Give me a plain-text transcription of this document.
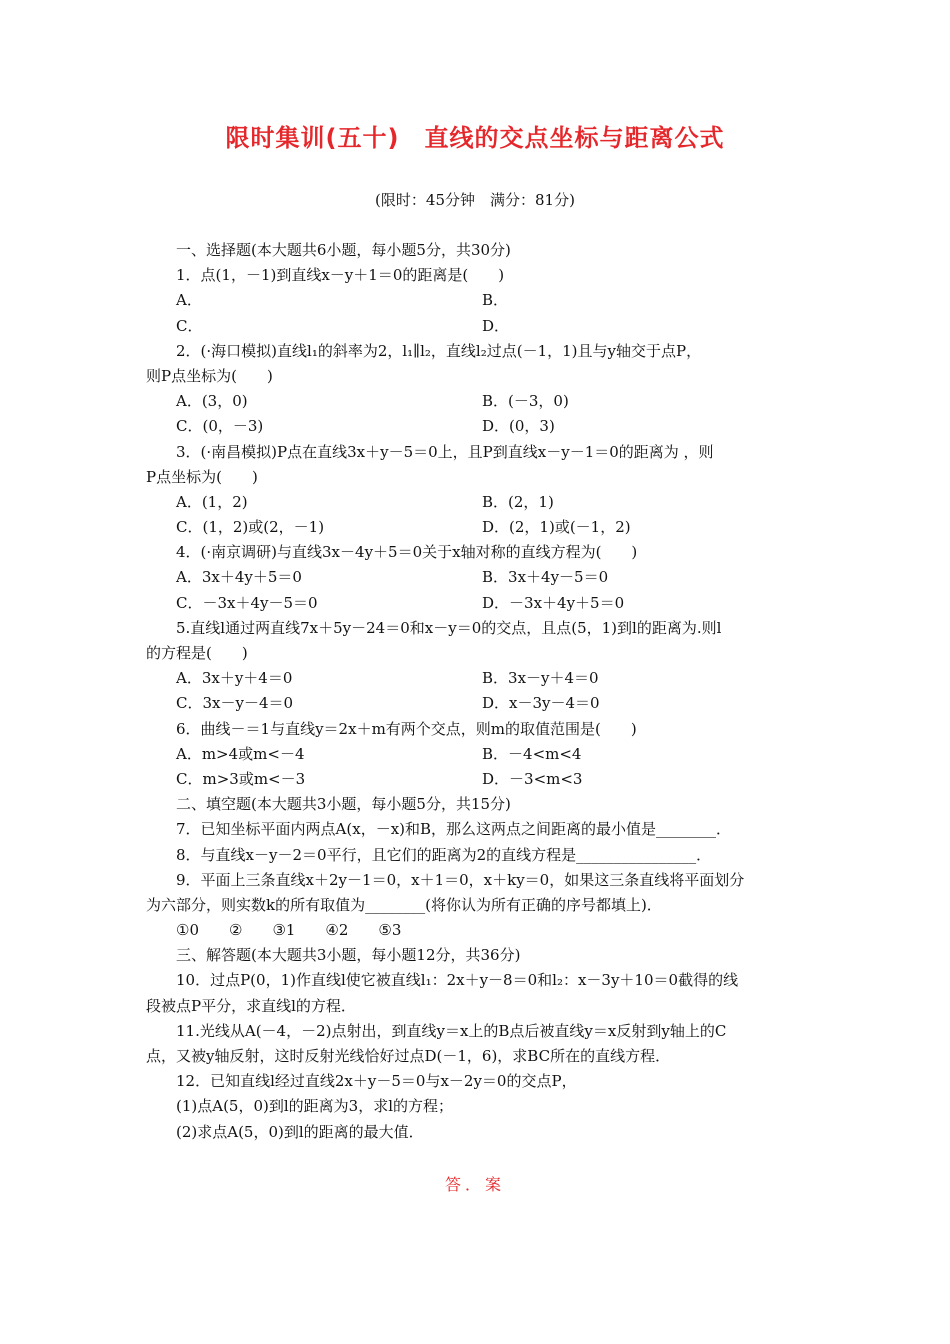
限时集训(五十)　直线的交点坐标与距离公式
(限时：45分钟　满分：81分)
一、选择题(本大题共6小题，每小题5分，共30分)
1．点(1，－1)到直线x－y＋1＝0的距离是(　　)
A．	B．
C．	D．
2．(·海口模拟)直线l₁的斜率为2，l₁∥l₂，直线l₂过点(－1，1)且与y轴交于点P，
则P点坐标为(　　)
A．(3，0)	B．(－3，0)
C．(0，－3)	D．(0，3)
3．(·南昌模拟)P点在直线3x＋y－5＝0上，且P到直线x－y－1＝0的距离为 ，则
P点坐标为(　　)
A．(1，2)	B．(2，1)
C．(1，2)或(2，－1)	D．(2，1)或(－1，2)
4．(·南京调研)与直线3x－4y＋5＝0关于x轴对称的直线方程为(　　)
A．3x＋4y＋5＝0	B．3x＋4y－5＝0
C．－3x＋4y－5＝0	D．－3x＋4y＋5＝0
5.直线l通过两直线7x＋5y－24＝0和x－y＝0的交点，且点(5，1)到l的距离为.则l
的方程是(　　)
A．3x＋y＋4＝0	B．3x－y＋4＝0
C．3x－y－4＝0	D．x－3y－4＝0
6．曲线－＝1与直线y＝2x＋m有两个交点，则m的取值范围是(　　)
A．m>4或m<－4	B．－4<m<4
C．m>3或m<－3	D．－3<m<3
二、填空题(本大题共3小题，每小题5分，共15分)
7．已知坐标平面内两点A(x，－x)和B，那么这两点之间距离的最小值是________．
8．与直线x－y－2＝0平行，且它们的距离为2的直线方程是________________．
9．平面上三条直线x＋2y－1＝0，x＋1＝0，x＋ky＝0，如果这三条直线将平面划分
为六部分，则实数k的所有取值为________(将你认为所有正确的序号都填上)．
①0　　②　　③1　　④2　　⑤3
三、解答题(本大题共3小题，每小题12分，共36分)
10．过点P(0，1)作直线l使它被直线l₁：2x＋y－8＝0和l₂：x－3y＋10＝0截得的线
段被点P平分，求直线l的方程．
11.光线从A(－4，－2)点射出，到直线y＝x上的B点后被直线y＝x反射到y轴上的C
点，又被y轴反射，这时反射光线恰好过点D(－1，6)，求BC所在的直线方程．
12．已知直线l经过直线2x＋y－5＝0与x－2y＝0的交点P，
(1)点A(5，0)到l的距离为3，求l的方程；
(2)求点A(5，0)到l的距离的最大值．
答．案
